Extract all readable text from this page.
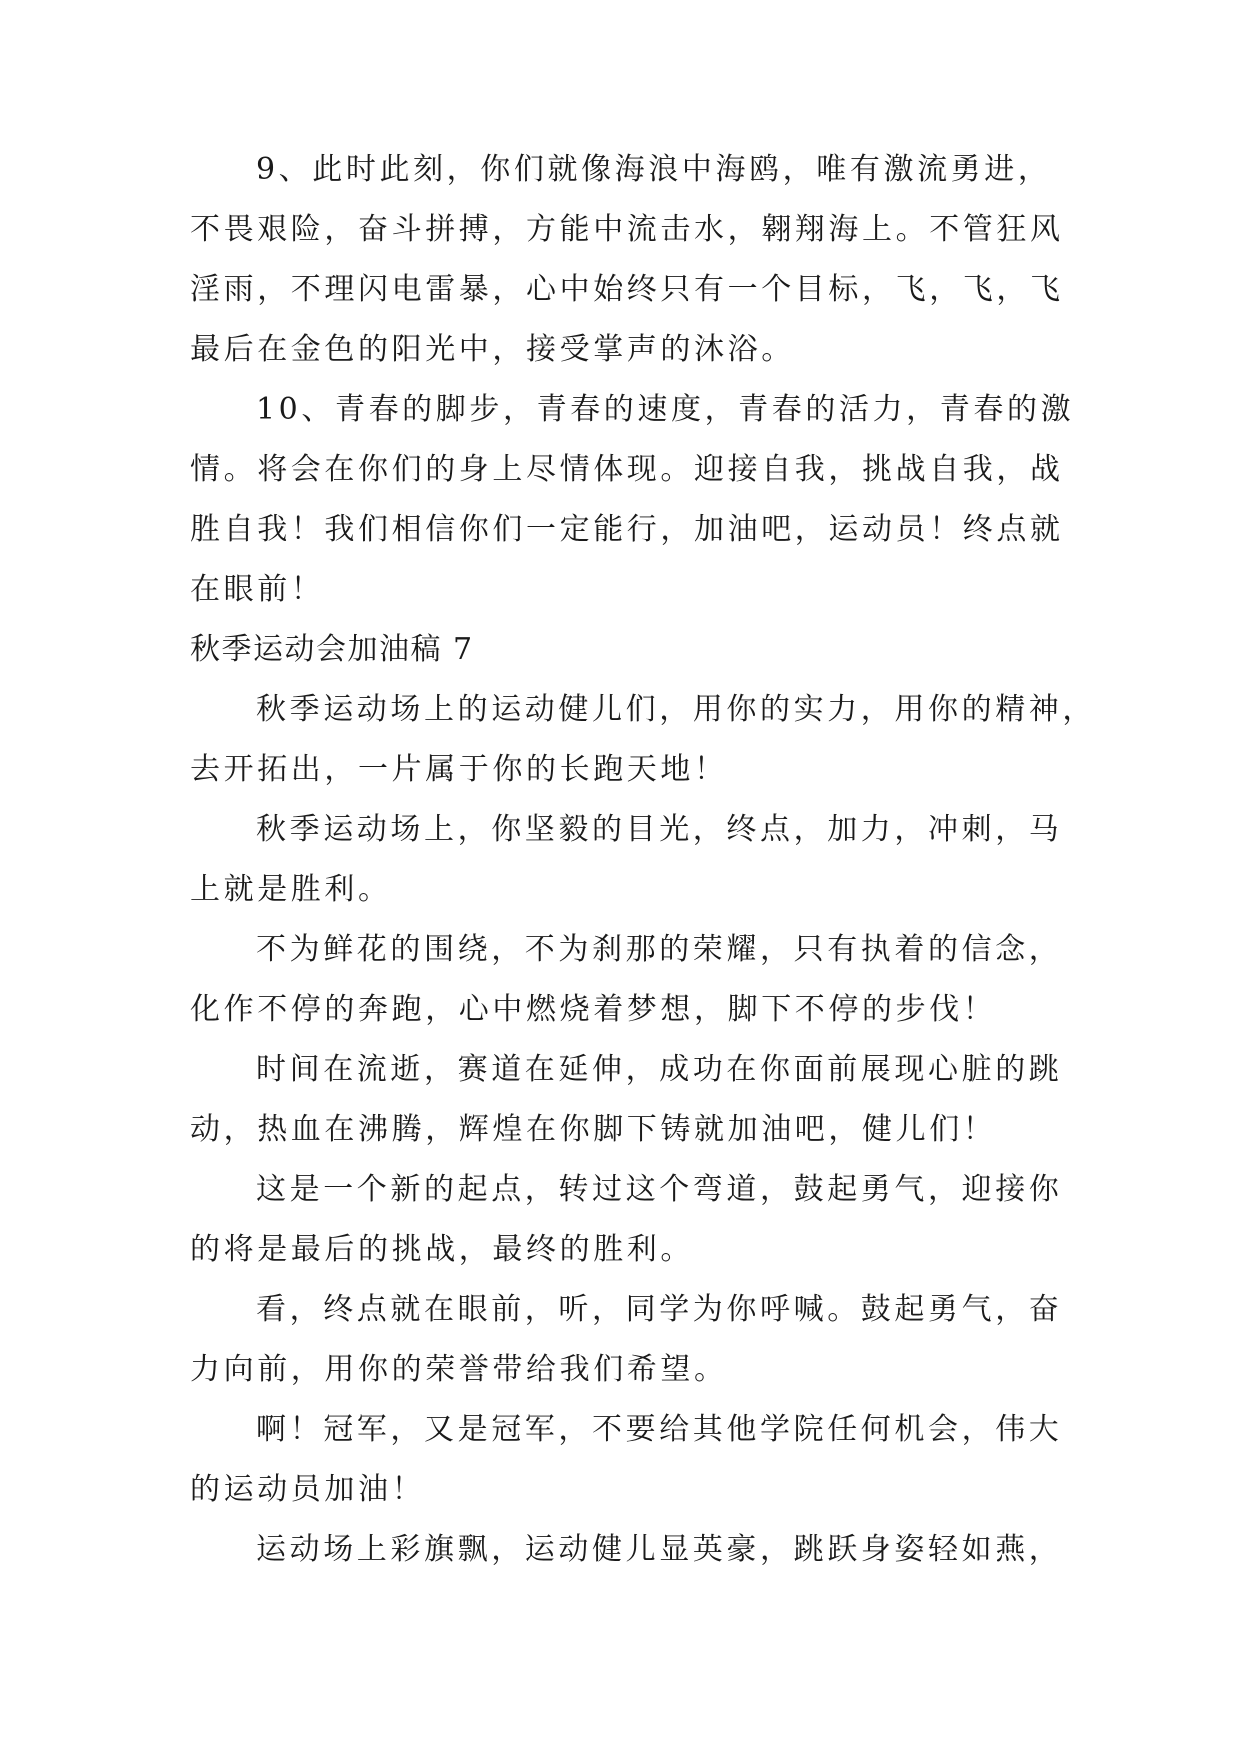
9、此时此刻，你们就像海浪中海鸥，唯有激流勇进，
不畏艰险，奋斗拼搏，方能中流击水，翱翔海上。不管狂风
淫雨，不理闪电雷暴，心中始终只有一个目标，飞，飞，飞
最后在金色的阳光中，接受掌声的沐浴。
10、青春的脚步，青春的速度，青春的活力，青春的激
情。将会在你们的身上尽情体现。迎接自我，挑战自我，战
胜自我！我们相信你们一定能行，加油吧，运动员！终点就
在眼前！
秋季运动会加油稿 7
秋季运动场上的运动健儿们，用你的实力，用你的精神，
去开拓出，一片属于你的长跑天地！
秋季运动场上，你坚毅的目光，终点，加力，冲刺，马
上就是胜利。
不为鲜花的围绕，不为刹那的荣耀，只有执着的信念，
化作不停的奔跑，心中燃烧着梦想，脚下不停的步伐！
时间在流逝，赛道在延伸，成功在你面前展现心脏的跳
动，热血在沸腾，辉煌在你脚下铸就加油吧，健儿们！
这是一个新的起点，转过这个弯道，鼓起勇气，迎接你
的将是最后的挑战，最终的胜利。
看，终点就在眼前，听，同学为你呼喊。鼓起勇气，奋
力向前，用你的荣誉带给我们希望。
啊！冠军，又是冠军，不要给其他学院任何机会，伟大
的运动员加油！
运动场上彩旗飘，运动健儿显英豪，跳跃身姿轻如燕，
